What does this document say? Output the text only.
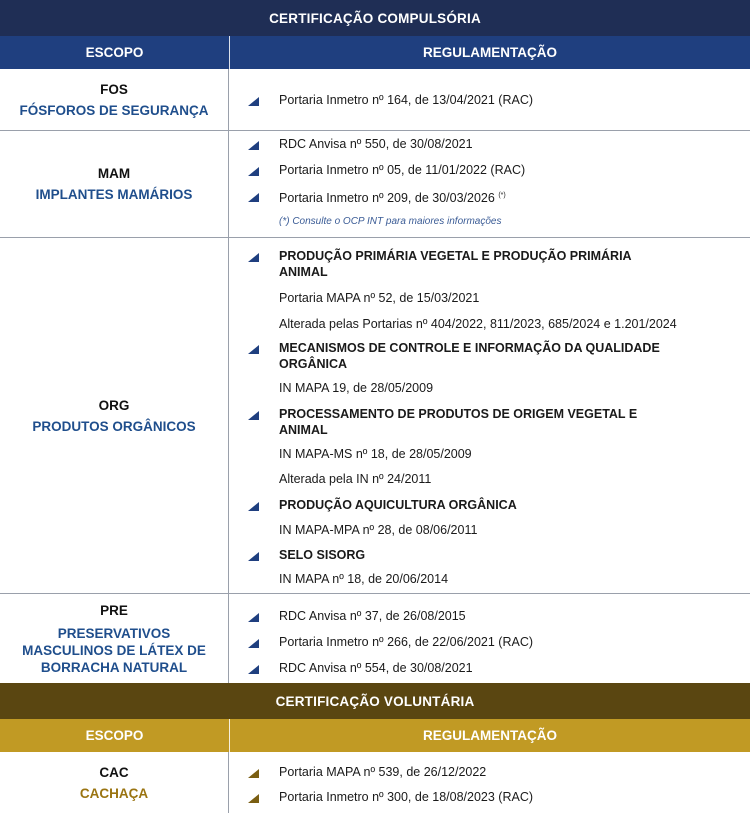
CERTIFICAÇÃO COMPULSÓRIA
ESCOPO	REGULAMENTAÇÃO
FOS
FÓSFOROS DE SEGURANÇA
Portaria Inmetro nº 164, de 13/04/2021 (RAC)
MAM
IMPLANTES MAMÁRIOS
RDC Anvisa nº 550, de 30/08/2021
Portaria Inmetro nº 05, de 11/01/2022 (RAC)
Portaria Inmetro nº 209, de 30/03/2026 (*)
(*) Consulte o OCP INT para maiores informações
ORG
PRODUTOS ORGÂNICOS
PRODUÇÃO PRIMÁRIA VEGETAL E PRODUÇÃO PRIMÁRIA
ANIMAL
Portaria MAPA nº 52, de 15/03/2021
Alterada pelas Portarias nº 404/2022, 811/2023, 685/2024 e 1.201/2024
MECANISMOS DE CONTROLE E INFORMAÇÃO DA QUALIDADE
ORGÂNICA
IN MAPA 19, de 28/05/2009
PROCESSAMENTO DE PRODUTOS DE ORIGEM VEGETAL E
ANIMAL
IN MAPA-MS nº 18, de 28/05/2009
Alterada pela IN nº 24/2011
PRODUÇÃO AQUICULTURA ORGÂNICA
IN MAPA-MPA nº 28, de 08/06/2011
SELO SISORG
IN MAPA nº 18, de 20/06/2014
PRE
PRESERVATIVOS
MASCULINOS DE LÁTEX DE
BORRACHA NATURAL
RDC Anvisa nº 37, de 26/08/2015
Portaria Inmetro nº 266, de 22/06/2021 (RAC)
RDC Anvisa nº 554, de 30/08/2021
CERTIFICAÇÃO VOLUNTÁRIA
ESCOPO	REGULAMENTAÇÃO
CAC
CACHAÇA
Portaria MAPA nº 539, de 26/12/2022
Portaria Inmetro nº 300, de 18/08/2023 (RAC)
